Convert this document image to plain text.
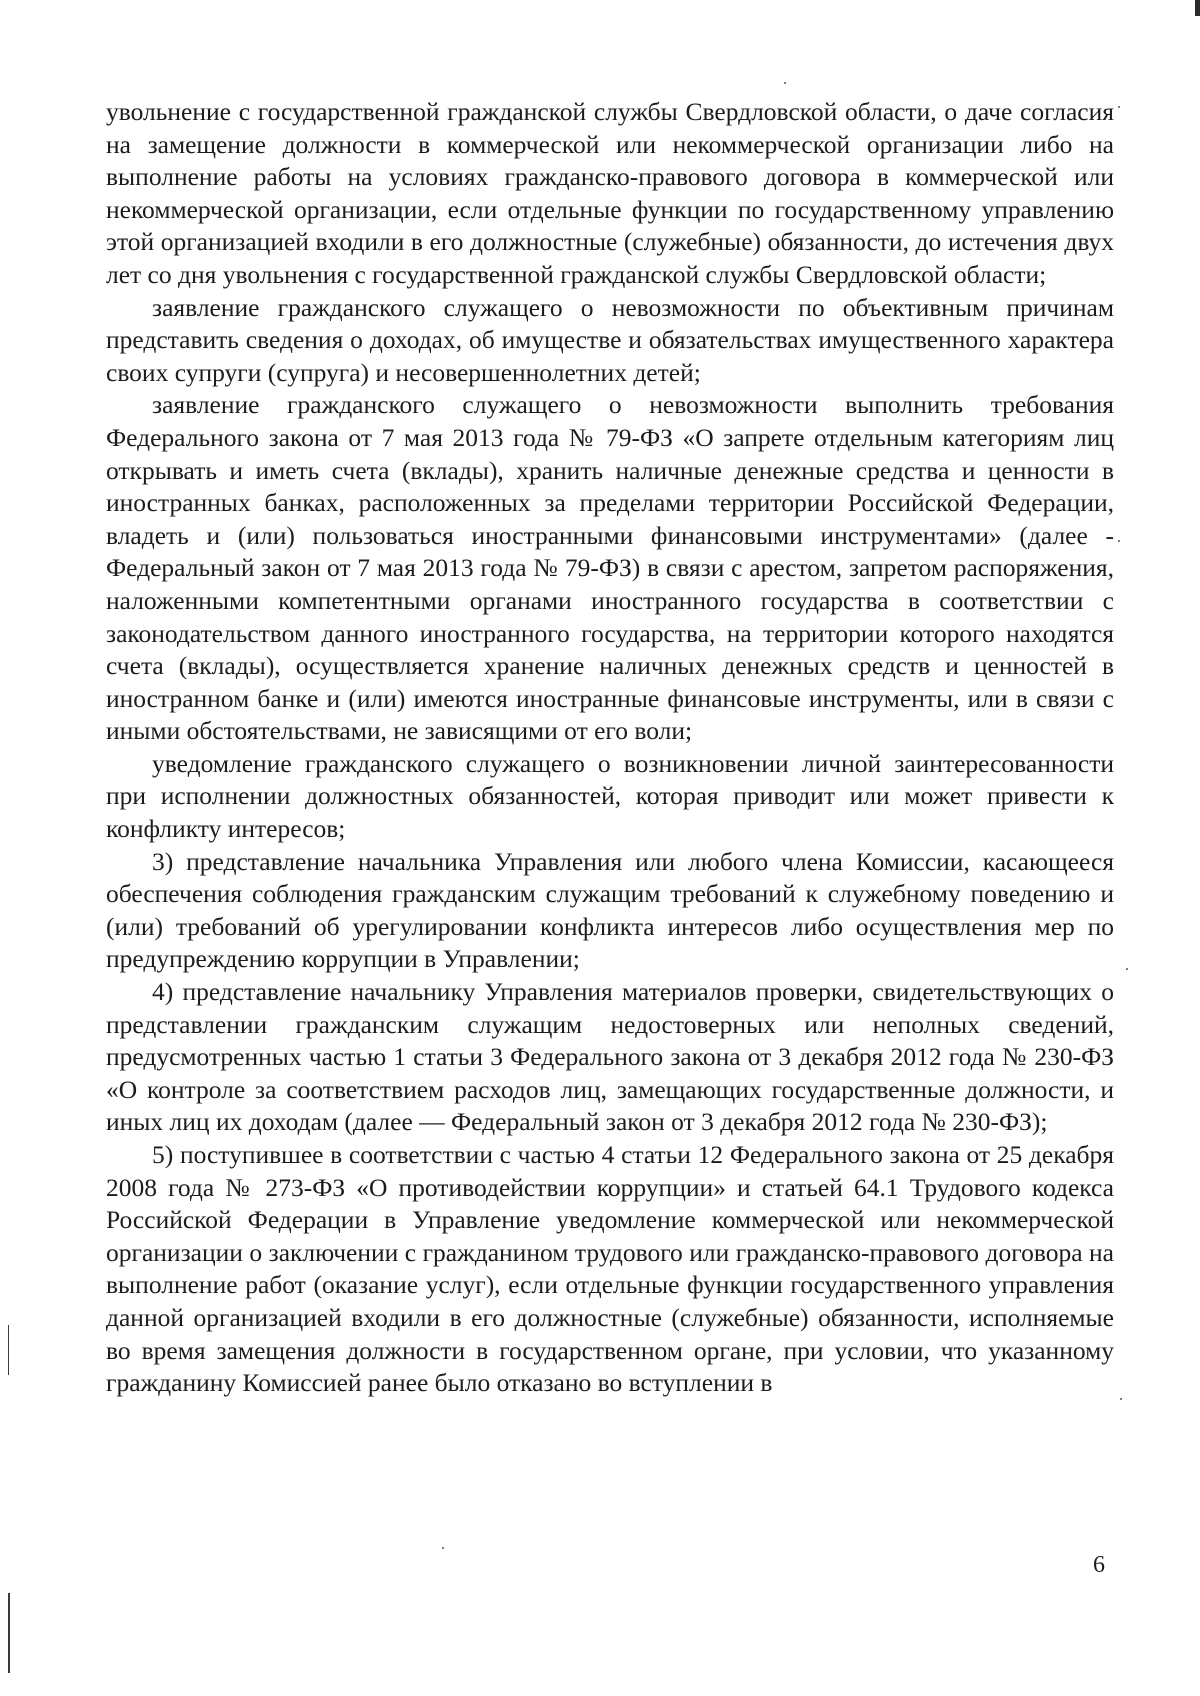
увольнение с государственной гражданской службы Свердловской области, о даче согласия на замещение должности в коммерческой или некоммерческой организации либо на выполнение работы на условиях гражданско-правового договора в коммерческой или некоммерческой организации, если отдельные функции по государственному управлению этой организацией входили в его должностные (служебные) обязанности, до истечения двух лет со дня увольнения с государственной гражданской службы Свердловской области;

заявление гражданского служащего о невозможности по объективным причинам представить сведения о доходах, об имуществе и обязательствах имущественного характера своих супруги (супруга) и несовершеннолетних детей;

заявление гражданского служащего о невозможности выполнить требования Федерального закона от 7 мая 2013 года № 79-ФЗ «О запрете отдельным категориям лиц открывать и иметь счета (вклады), хранить наличные денежные средства и ценности в иностранных банках, расположенных за пределами территории Российской Федерации, владеть и (или) пользоваться иностранными финансовыми инструментами» (далее - Федеральный закон от 7 мая 2013 года № 79-ФЗ) в связи с арестом, запретом распоряжения, наложенными компетентными органами иностранного государства в соответствии с законодательством данного иностранного государства, на территории которого находятся счета (вклады), осуществляется хранение наличных денежных средств и ценностей в иностранном банке и (или) имеются иностранные финансовые инструменты, или в связи с иными обстоятельствами, не зависящими от его воли;

уведомление гражданского служащего о возникновении личной заинтересованности при исполнении должностных обязанностей, которая приводит или может привести к конфликту интересов;

3) представление начальника Управления или любого члена Комиссии, касающееся обеспечения соблюдения гражданским служащим требований к служебному поведению и (или) требований об урегулировании конфликта интересов либо осуществления мер по предупреждению коррупции в Управлении;

4) представление начальнику Управления материалов проверки, свидетельствующих о представлении гражданским служащим недостоверных или неполных сведений, предусмотренных частью 1 статьи 3 Федерального закона от 3 декабря 2012 года № 230-ФЗ «О контроле за соответствием расходов лиц, замещающих государственные должности, и иных лиц их доходам (далее — Федеральный закон от 3 декабря 2012 года № 230-ФЗ);

5) поступившее в соответствии с частью 4 статьи 12 Федерального закона от 25 декабря 2008 года № 273-ФЗ «О противодействии коррупции» и статьей 64.1 Трудового кодекса Российской Федерации в Управление уведомление коммерческой или некоммерческой организации о заключении с гражданином трудового или гражданско-правового договора на выполнение работ (оказание услуг), если отдельные функции государственного управления данной организацией входили в его должностные (служебные) обязанности, исполняемые во время замещения должности в государственном органе, при условии, что указанному гражданину Комиссией ранее было отказано во вступлении в

6
